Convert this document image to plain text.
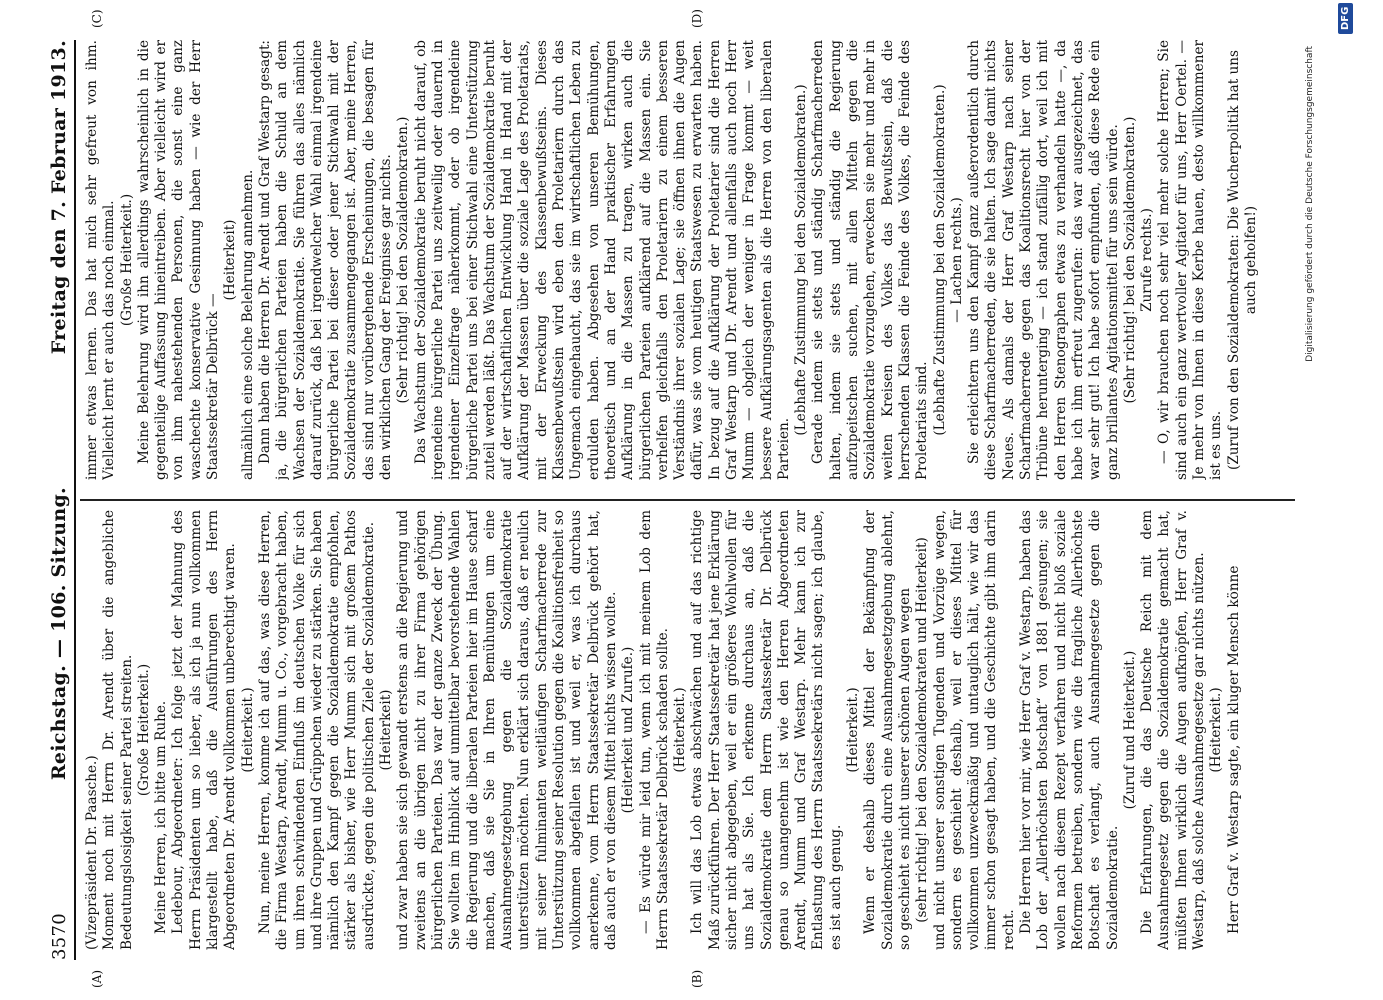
3570
Reichstag. — 106. Sitzung.
Freitag den 7. Februar 1913.
(A)	(B)
(C)	(D)

(Vizepräsident Dr. Paasche.) Moment noch mit Herrn Dr. Arendt über die angebliche Bedeutungslosigkeit seiner Partei streiten. (Große Heiterkeit.) Meine Herren, ich bitte um Ruhe. Ledebour, Abgeordneter: Ich folge jetzt der Mahnung des Herrn Präsidenten um so lieber, als ich ja nun vollkommen klargestellt habe, daß die Ausführungen des Herrn Abgeordneten Dr. Arendt vollkommen unberechtigt waren. (Heiterkeit.) Nun, meine Herren, komme ich auf das, was diese Herren, die Firma Westarp, Arendt, Mumm u. Co., vorgebracht haben, um ihren schwindenden Einfluß im deutschen Volke für sich und ihre Gruppen und Grüppchen wieder zu stärken. Sie haben nämlich den Kampf gegen die Sozialdemokratie empfohlen, stärker als bisher, wie Herr Mumm sich mit großem Pathos ausdrückte, gegen die politischen Ziele der Sozialdemokratie. (Heiterkeit) und zwar haben sie sich gewandt erstens an die Regierung und zweitens an die übrigen nicht zu ihrer Firma gehörigen bürgerlichen Parteien. Das war der ganze Zweck der Übung. Sie wollten im Hinblick auf unmittelbar bevorstehende Wahlen die Regierung und die liberalen Parteien hier im Hause scharf machen, daß sie Sie in Ihren Bemühungen um eine Ausnahmegesetzgebung gegen die Sozialdemokratie unterstützen möchten. Nun erklärt sich daraus, daß er neulich mit seiner fulminanten weitläufigen Scharfmacherrede zur Unterstützung seiner Resolution gegen die Koalitionsfreiheit so vollkommen abgefallen ist und weil er, was ich durchaus anerkenne, vom Herrn Staatssekretär Delbrück gehört hat, daß auch er von diesem Mittel nichts wissen wollte. (Heiterkeit und Zurufe.) — Es würde mir leid tun, wenn ich mit meinem Lob dem Herrn Staatssekretär Delbrück schaden sollte. (Heiterkeit.) Ich will das Lob etwas abschwächen und auf das richtige Maß zurückführen. Der Herr Staatssekretär hat jene Erklärung sicher nicht abgegeben, weil er ein größeres Wohlwollen für uns hat als Sie. Ich erkenne durchaus an, daß die Sozialdemokratie dem Herrn Staatssekretär Dr. Delbrück genau so unangenehm ist wie den Herren Abgeordneten Arendt, Mumm und Graf Westarp. Mehr kann ich zur Entlastung des Herrn Staatssekretärs nicht sagen; ich glaube, es ist auch genug.

(Heiterkeit.) Wenn er deshalb dieses Mittel der Bekämpfung der Sozialdemokratie durch eine Ausnahmegesetzgebung ablehnt, so geschieht es nicht unserer schönen Augen wegen (sehr richtig! bei den Sozialdemokraten und Heiterkeit) und nicht unserer sonstigen Tugenden und Vorzüge wegen, sondern es geschieht deshalb, weil er dieses Mittel für vollkommen unzweckmäßig und untauglich hält, wie wir das immer schon gesagt haben, und die Geschichte gibt ihm darin recht. Die Herren hier vor mir, wie Herr Graf v. Westarp, haben das Lob der „Allerhöchsten Botschaft“ von 1881 gesungen; sie wollen nach diesem Rezept verfahren und nicht bloß soziale Reformen betreiben, sondern wie die fragliche Allerhöchste Botschaft es verlangt, auch Ausnahmegesetze gegen die Sozialdemokratie.

(Zuruf und Heiterkeit.) Die Erfahrungen, die das Deutsche Reich mit dem Ausnahmegesetz gegen die Sozialdemokratie gemacht hat, müßten Ihnen wirklich die Augen aufknöpfen, Herr Graf v. Westarp, daß solche Ausnahmegesetze gar nichts nützen. (Heiterkeit.) Herr Graf v. Westarp sagte, ein kluger Mensch könne

immer etwas lernen. Das hat mich sehr gefreut von ihm. Vielleicht lernt er auch das noch einmal. (Große Heiterkeit.) Meine Belehrung wird ihn allerdings wahrscheinlich in die gegenteilige Auffassung hineintreiben. Aber vielleicht wird er von ihm nahestehenden Personen, die sonst eine ganz waschechte konservative Gesinnung haben — wie der Herr Staatssekretär Delbrück —

(Heiterkeit) allmählich eine solche Belehrung annehmen. Dann haben die Herren Dr. Arendt und Graf Westarp gesagt: ja, die bürgerlichen Parteien haben die Schuld an dem Wachsen der Sozialdemokratie. Sie führen das alles nämlich darauf zurück, daß bei irgendwelcher Wahl einmal irgendeine bürgerliche Partei bei dieser oder jener Stichwahl mit der Sozialdemokratie zusammengegangen ist. Aber, meine Herren, das sind nur vorübergehende Erscheinungen, die besagen für den wirklichen Gang der Ereignisse gar nichts. (Sehr richtig! bei den Sozialdemokraten.) Das Wachstum der Sozialdemokratie beruht nicht darauf, ob irgendeine bürgerliche Partei uns zeitweilig oder dauernd in irgendeiner Einzelfrage näherkommt, oder ob irgendeine bürgerliche Partei uns bei einer Stichwahl eine Unterstützung zuteil werden läßt. Das Wachstum der Sozialdemokratie beruht auf der wirtschaftlichen Entwicklung Hand in Hand mit der Aufklärung der Massen über die soziale Lage des Proletariats, mit der Erweckung des Klassenbewußtseins. Dieses Klassenbewußtsein wird eben den Proletariern durch das Ungemach eingehaucht, das sie im wirtschaftlichen Leben zu erdulden haben. Abgesehen von unseren Bemühungen, theoretisch und an der Hand praktischer Erfahrungen Aufklärung in die Massen zu tragen, wirken auch die bürgerlichen Parteien aufklärend auf die Massen ein. Sie verhelfen gleichfalls den Proletariern zu einem besseren Verständnis ihrer sozialen Lage; sie öffnen ihnen die Augen dafür, was sie vom heutigen Staatswesen zu erwarten haben. In bezug auf die Aufklärung der Proletarier sind die Herren Graf Westarp und Dr. Arendt und allenfalls auch noch Herr Mumm — obgleich der weniger in Frage kommt — weit bessere Aufklärungsagenten als die Herren von den liberalen Parteien.

(Lebhafte Zustimmung bei den Sozialdemokraten.) Gerade indem sie stets und ständig Scharfmacherreden halten, indem sie stets und ständig die Regierung aufzupeitschen suchen, mit allen Mitteln gegen die Sozialdemokratie vorzugehen, erwecken sie mehr und mehr in weiten Kreisen des Volkes das Bewußtsein, daß die herrschenden Klassen die Feinde des Volkes, die Feinde des Proletariats sind. (Lebhafte Zustimmung bei den Sozialdemokraten.) — Lachen rechts.) Sie erleichtern uns den Kampf ganz außerordentlich durch diese Scharfmacherreden, die sie halten. Ich sage damit nichts Neues. Als damals der Herr Graf Westarp nach seiner Scharfmacherrede gegen das Koalitionsrecht hier von der Tribüne herunterging — ich stand zufällig dort, weil ich mit den Herren Stenographen etwas zu verhandeln hatte —, da habe ich ihm erfreut zugerufen: das war ausgezeichnet, das war sehr gut! Ich habe sofort empfunden, daß diese Rede ein ganz brillantes Agitationsmittel für uns sein würde. (Sehr richtig! bei den Sozialdemokraten.) Zurufe rechts.) — O, wir brauchen noch sehr viel mehr solche Herren; Sie sind auch ein ganz wertvoller Agitator für uns, Herr Oertel. — Je mehr von Ihnen in diese Kerbe hauen, desto willkommener ist es uns. (Zuruf von den Sozialdemokraten: Die Wucherpolitik hat uns auch geholfen!)	Digitalisierung gefördert durch die Deutsche Forschungsgemeinschaft
DFG
